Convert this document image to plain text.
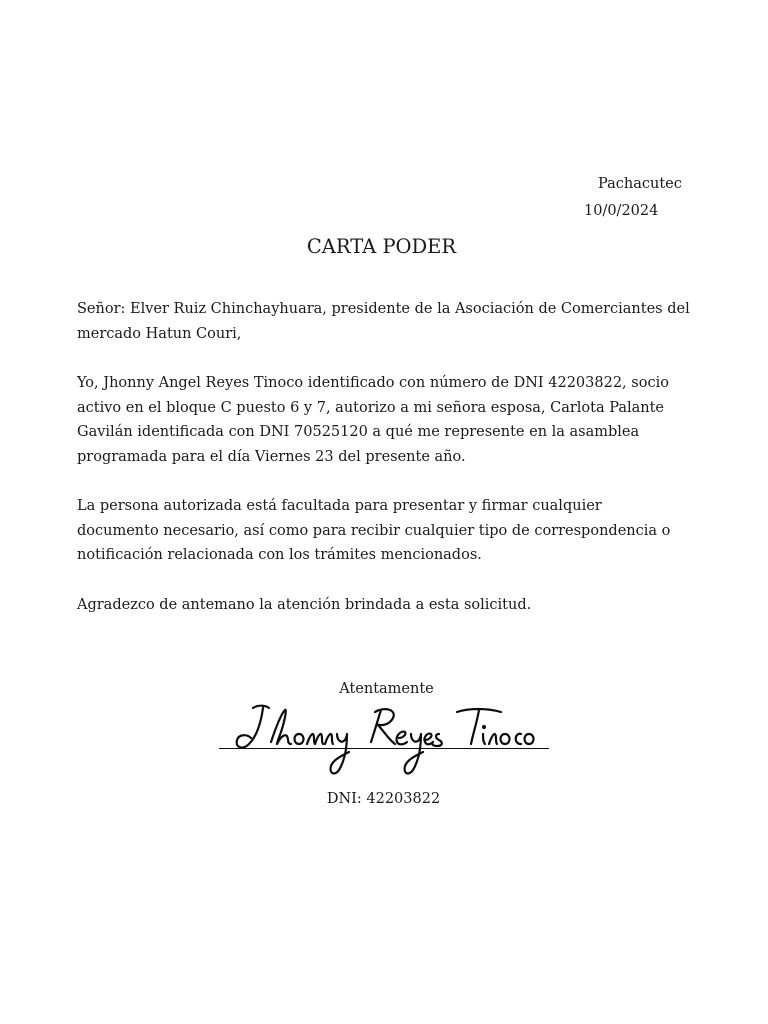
Pachacutec
10/0/2024
CARTA PODER
Señor: Elver Ruiz Chinchayhuara, presidente de la Asociación de Comerciantes del
mercado Hatun Couri,
Yo, Jhonny Angel Reyes Tinoco identificado con número de DNI 42203822, socio
activo en el bloque C puesto 6 y 7, autorizo a mi señora esposa, Carlota Palante
Gavilán identificada con DNI 70525120 a qué me represente en la asamblea
programada para el día Viernes 23 del presente año.
La persona autorizada está facultada para presentar y firmar cualquier
documento necesario, así como para recibir cualquier tipo de correspondencia o
notificación relacionada con los trámites mencionados.
Agradezco de antemano la atención brindada a esta solicitud.
Atentamente
DNI: 42203822
